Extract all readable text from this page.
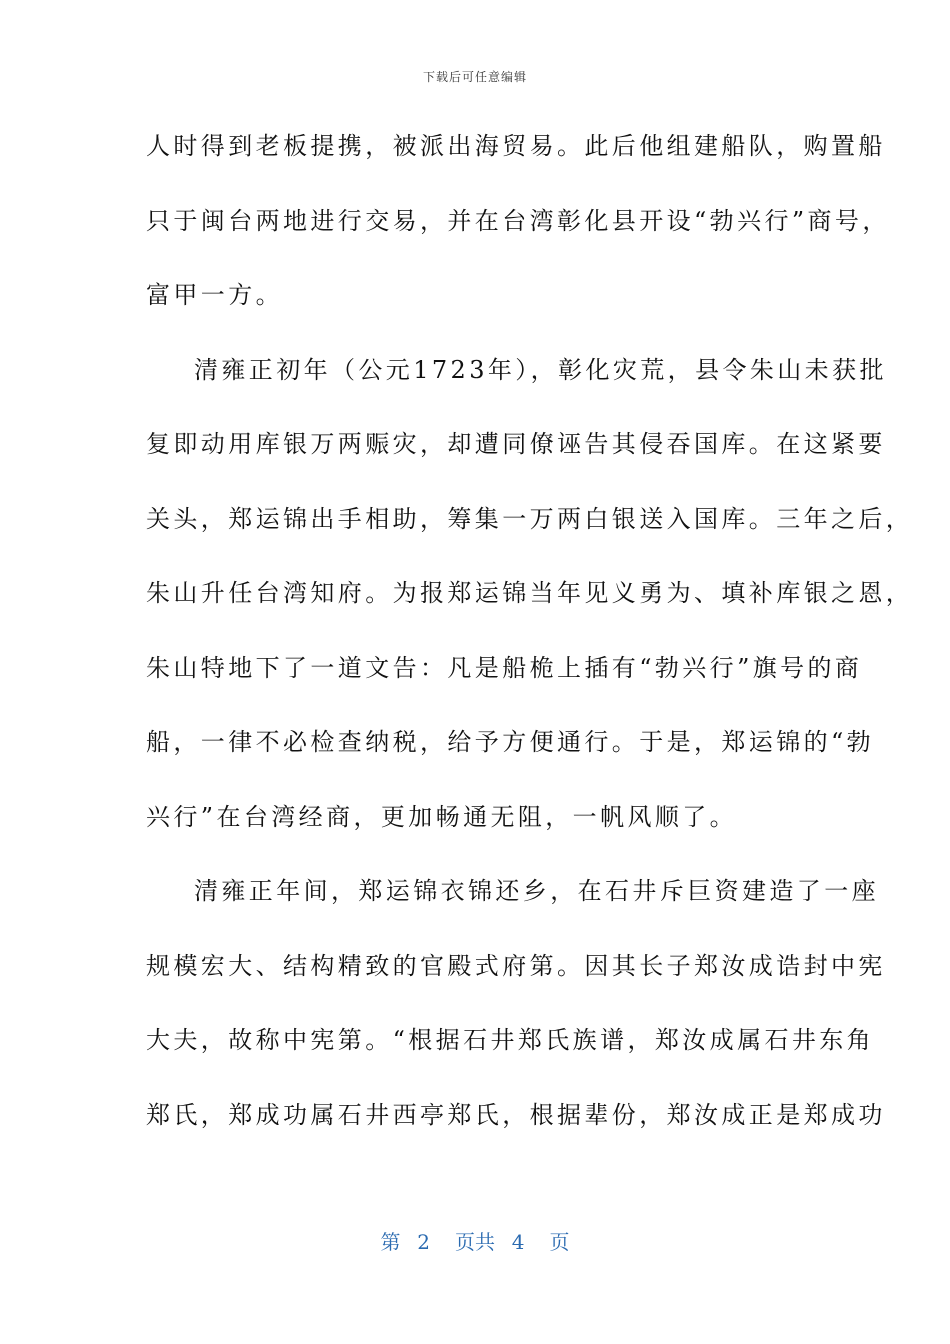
下载后可任意编辑
人时得到老板提携，被派出海贸易。此后他组建船队，购置船
只于闽台两地进行交易，并在台湾彰化县开设“勃兴行”商号，
富甲一方。
清雍正初年（公元1723年），彰化灾荒，县令朱山未获批
复即动用库银万两赈灾，却遭同僚诬告其侵吞国库。在这紧要
关头，郑运锦出手相助，筹集一万两白银送入国库。三年之后，
朱山升任台湾知府。为报郑运锦当年见义勇为、填补库银之恩，
朱山特地下了一道文告：凡是船桅上插有“勃兴行”旗号的商
船，一律不必检查纳税，给予方便通行。于是，郑运锦的“勃
兴行”在台湾经商，更加畅通无阻，一帆风顺了。
清雍正年间，郑运锦衣锦还乡，在石井斥巨资建造了一座
规模宏大、结构精致的官殿式府第。因其长子郑汝成诰封中宪
大夫，故称中宪第。“根据石井郑氏族谱，郑汝成属石井东角
郑氏，郑成功属石井西亭郑氏，根据辈份，郑汝成正是郑成功
第  2   页共  4   页
